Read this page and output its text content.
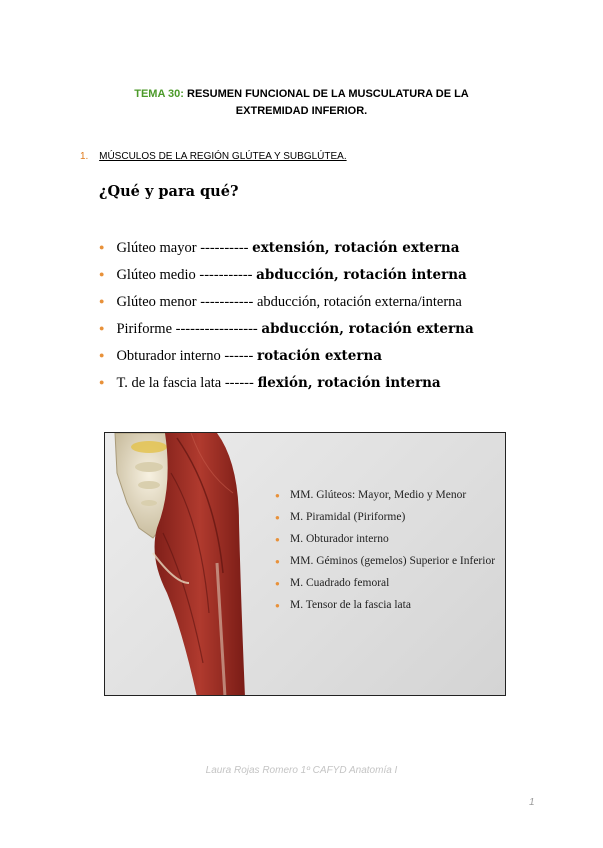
TEMA 30: RESUMEN FUNCIONAL DE LA MUSCULATURA DE LA
EXTREMIDAD INFERIOR.
1. MÚSCULOS DE LA REGIÓN GLÚTEA Y SUBGLÚTEA.
¿Qué y para qué?
● Glúteo mayor ---------- extensión, rotación externa
● Glúteo medio ----------- abducción, rotación interna
● Glúteo menor ----------- abducción, rotación externa/interna
● Piriforme ----------------- abducción, rotación externa
● Obturador interno ------ rotación externa
● T. de la fascia lata ------ flexión, rotación interna
● MM. Glúteos: Mayor, Medio y Menor
● M. Piramidal (Piriforme)
● M. Obturador interno
● MM. Géminos (gemelos) Superior e Inferior
● M. Cuadrado femoral
● M. Tensor de la fascia lata
Laura Rojas Romero 1º CAFYD Anatomía I
1
